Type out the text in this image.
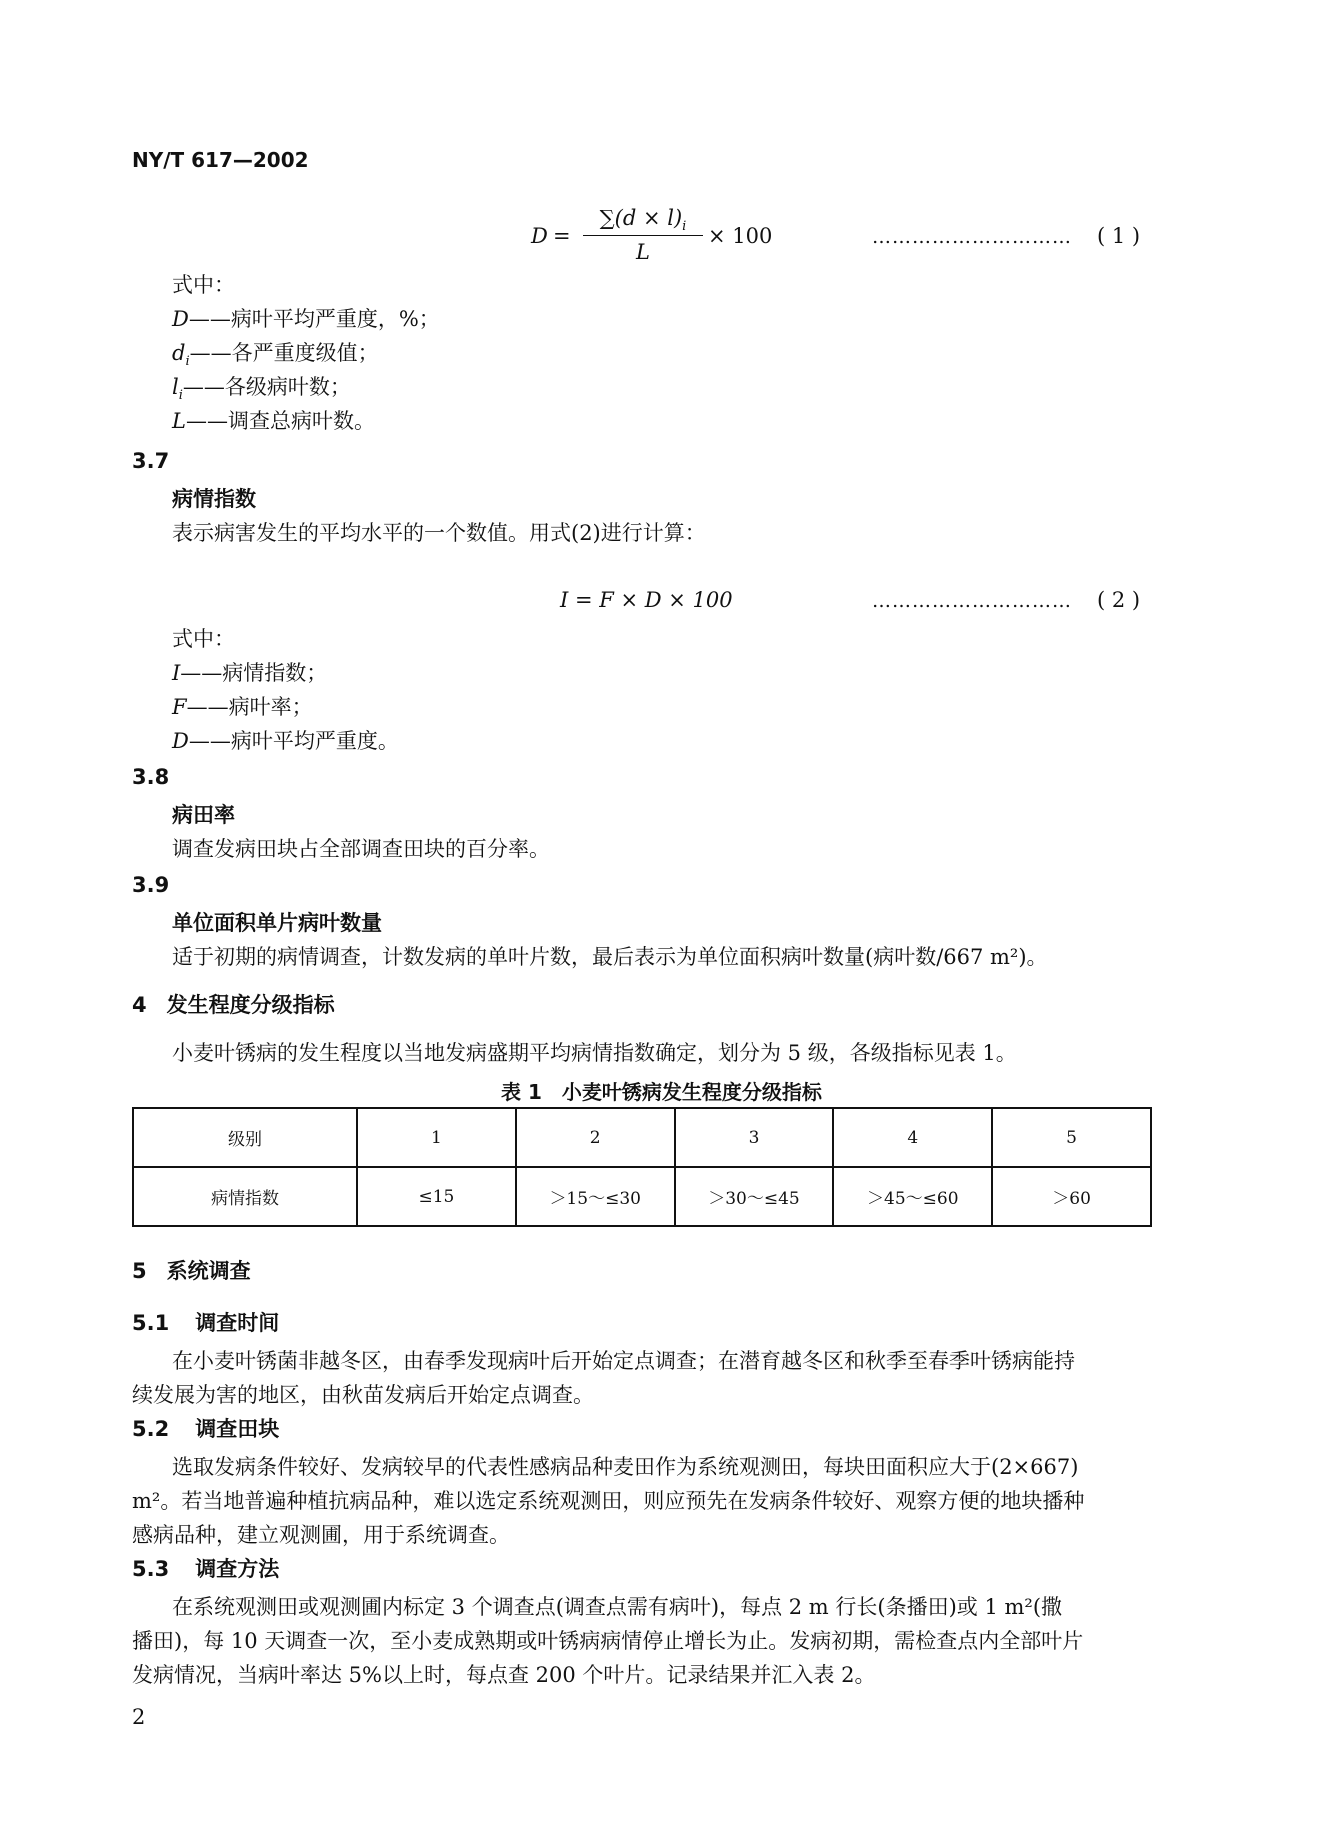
NY/T 617—2002
D =
$\sum(d \times l)_i$
L
× 100	………………………… ( 1 )
式中：
D——病叶平均严重度，%；
$d_i——$各严重度级值；
$l_i——$各级病叶数；
L——调查总病叶数。
3.7
病情指数
表示病害发生的平均水平的一个数值。用式(2)进行计算：
I = F × D × 100	………………………… ( 2 )
式中：
I——病情指数；
F——病叶率；
D——病叶平均严重度。
3.8
病田率
调查发病田块占全部调查田块的百分率。
3.9
单位面积单片病叶数量
适于初期的病情调查，计数发病的单叶片数，最后表示为单位面积病叶数量(病叶数/667 m²)。
4 发生程度分级指标
小麦叶锈病的发生程度以当地发病盛期平均病情指数确定，划分为 5 级，各级指标见表 1。
表 1　小麦叶锈病发生程度分级指标
级别	1	2	3	4	5
病情指数	≤15	＞15～≤30	＞30～≤45	＞45～≤60	＞60
5 系统调查
5.1 调查时间
在小麦叶锈菌非越冬区，由春季发现病叶后开始定点调查；在潜育越冬区和秋季至春季叶锈病能持
续发展为害的地区，由秋苗发病后开始定点调查。
5.2 调查田块
选取发病条件较好、发病较早的代表性感病品种麦田作为系统观测田，每块田面积应大于(2×667)
m²。若当地普遍种植抗病品种，难以选定系统观测田，则应预先在发病条件较好、观察方便的地块播种
感病品种，建立观测圃，用于系统调查。
5.3 调查方法
在系统观测田或观测圃内标定 3 个调查点(调查点需有病叶)，每点 2 m 行长(条播田)或 1 m²(撒
播田)，每 10 天调查一次，至小麦成熟期或叶锈病病情停止增长为止。发病初期，需检查点内全部叶片
发病情况，当病叶率达 5%以上时，每点查 200 个叶片。记录结果并汇入表 2。
2
